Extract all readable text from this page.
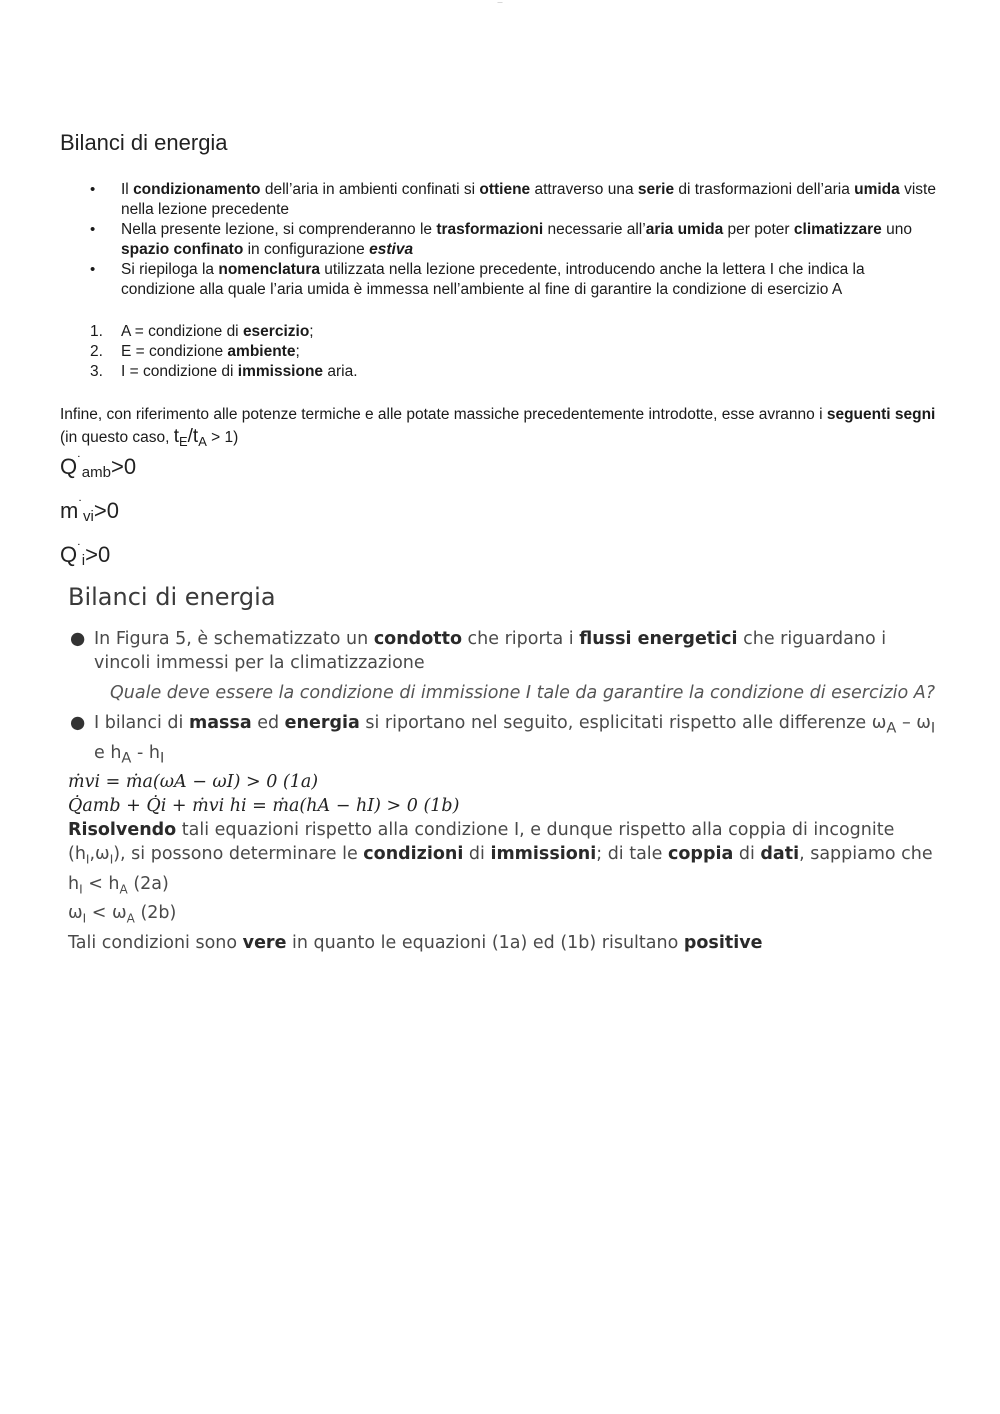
—
Bilanci di energia
• Il condizionamento dell’aria in ambienti confinati si ottiene attraverso una serie di trasformazioni dell’aria umida viste nella lezione precedente
• Nella presente lezione, si comprenderanno le trasformazioni necessarie all’aria umida per poter climatizzare uno spazio confinato in configurazione estiva
• Si riepiloga la nomenclatura utilizzata nella lezione precedente, introducendo anche la lettera I che indica la condizione alla quale l’aria umida è immessa nell’ambiente al fine di garantire la condizione di esercizio A
1. A = condizione di esercizio;
2. E = condizione ambiente;
3. I = condizione di immissione aria.

Infine, con riferimento alle potenze termiche e alle potate massiche precedentemente introdotte, esse avranno i seguenti segni (in questo caso, $t_E/t_A > 1$)

$Q^˙_{amb}>0$

$m^˙_{vi}>0$

$Q^˙_i>0$

Bilanci di energia
● In Figura 5, è schematizzato un condotto che riporta i flussi energetici che riguardano i vincoli immessi per la climatizzazione
Quale deve essere la condizione di immissione I tale da garantire la condizione di esercizio A?
● I bilanci di massa ed energia si riportano nel seguito, esplicitati rispetto alle differenze $\omega_A - \omega_I$ e $h_A - h_I$
ṁvi = ṁa(ωA − ωI) > 0 (1a)
Q̇amb + Q̇i + ṁvi hi = ṁa(hA − hI) > 0 (1b)
Risolvendo tali equazioni rispetto alla condizione I, e dunque rispetto alla coppia di incognite $(h_I,\omega_I)$, si possono determinare le condizioni di immissioni; di tale coppia di dati, sappiamo che
$h_I < h_A$ (2a)
$\omega_I < \omega_A$ (2b)
Tali condizioni sono vere in quanto le equazioni (1a) ed (1b) risultano positive
